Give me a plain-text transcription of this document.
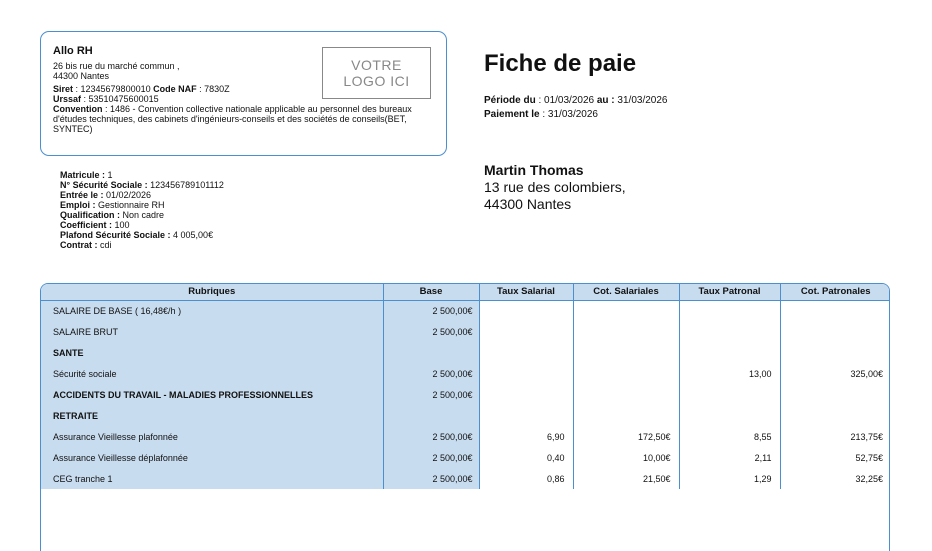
Allo RH
26 bis rue du marché commun ,
44300 Nantes
Siret : 12345679800010 Code NAF : 7830Z
Urssaf : 53510475600015
Convention : 1486 - Convention collective nationale applicable au personnel des bureaux d'études techniques, des cabinets d'ingénieurs-conseils et des sociétés de conseils(BET, SYNTEC)
VOTRE
LOGO ICI
Fiche de paie
Période du : 01/03/2026 au : 31/03/2026
Paiement le : 31/03/2026
Martin Thomas
13 rue des colombiers,
44300 Nantes
Matricule : 1
N° Sécurité Sociale : 123456789101112
Entrée le : 01/02/2026
Emploi : Gestionnaire RH
Qualification : Non cadre
Coefficient : 100
Plafond Sécurité Sociale : 4 005,00€
Contrat : cdi
Rubriques	Base	Taux Salarial	Cot. Salariales	Taux Patronal	Cot. Patronales
SALAIRE DE BASE ( 16,48€/h )	2 500,00€				
SALAIRE BRUT	2 500,00€				
SANTE					
Sécurité sociale	2 500,00€			13,00	325,00€
ACCIDENTS DU TRAVAIL - MALADIES PROFESSIONNELLES	2 500,00€				
RETRAITE					
Assurance Vieillesse plafonnée	2 500,00€	6,90	172,50€	8,55	213,75€
Assurance Vieillesse déplafonnée	2 500,00€	0,40	10,00€	2,11	52,75€
CEG tranche 1	2 500,00€	0,86	21,50€	1,29	32,25€
